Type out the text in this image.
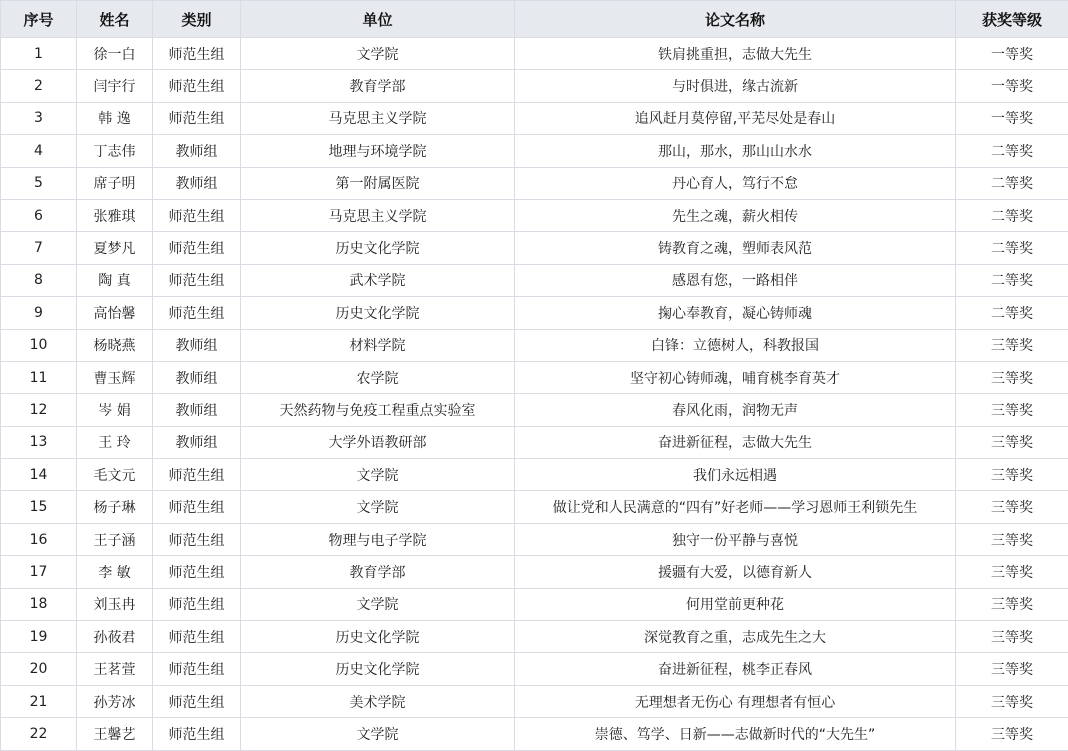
序号	姓名	类别	单位	论文名称	获奖等级
1	徐一白	师范生组	文学院	铁肩挑重担，志做大先生	一等奖
2	闫宇行	师范生组	教育学部	与时俱进，缘古流新	一等奖
3	韩 逸	师范生组	马克思主义学院	追风赶月莫停留,平芜尽处是春山	一等奖
4	丁志伟	教师组	地理与环境学院	那山，那水，那山山水水	二等奖
5	席子明	教师组	第一附属医院	丹心育人，笃行不怠	二等奖
6	张雅琪	师范生组	马克思主义学院	先生之魂，薪火相传	二等奖
7	夏梦凡	师范生组	历史文化学院	铸教育之魂，塑师表风范	二等奖
8	陶 真	师范生组	武术学院	感恩有您，一路相伴	二等奖
9	高怡馨	师范生组	历史文化学院	掬心奉教育，凝心铸师魂	二等奖
10	杨晓燕	教师组	材料学院	白锋：立德树人，科教报国	三等奖
11	曹玉辉	教师组	农学院	坚守初心铸师魂，哺育桃李育英才	三等奖
12	岑 娟	教师组	天然药物与免疫工程重点实验室	春风化雨，润物无声	三等奖
13	王 玲	教师组	大学外语教研部	奋进新征程，志做大先生	三等奖
14	毛文元	师范生组	文学院	我们永远相遇	三等奖
15	杨子琳	师范生组	文学院	做让党和人民满意的“四有”好老师——学习恩师王利锁先生	三等奖
16	王子涵	师范生组	物理与电子学院	独守一份平静与喜悦	三等奖
17	李 敏	师范生组	教育学部	援疆有大爱，以德育新人	三等奖
18	刘玉冉	师范生组	文学院	何用堂前更种花	三等奖
19	孙莜君	师范生组	历史文化学院	深觉教育之重，志成先生之大	三等奖
20	王茗萱	师范生组	历史文化学院	奋进新征程，桃李正春风	三等奖
21	孙芳冰	师范生组	美术学院	无理想者无伤心 有理想者有恒心	三等奖
22	王馨艺	师范生组	文学院	崇德、笃学、日新——志做新时代的“大先生”	三等奖
